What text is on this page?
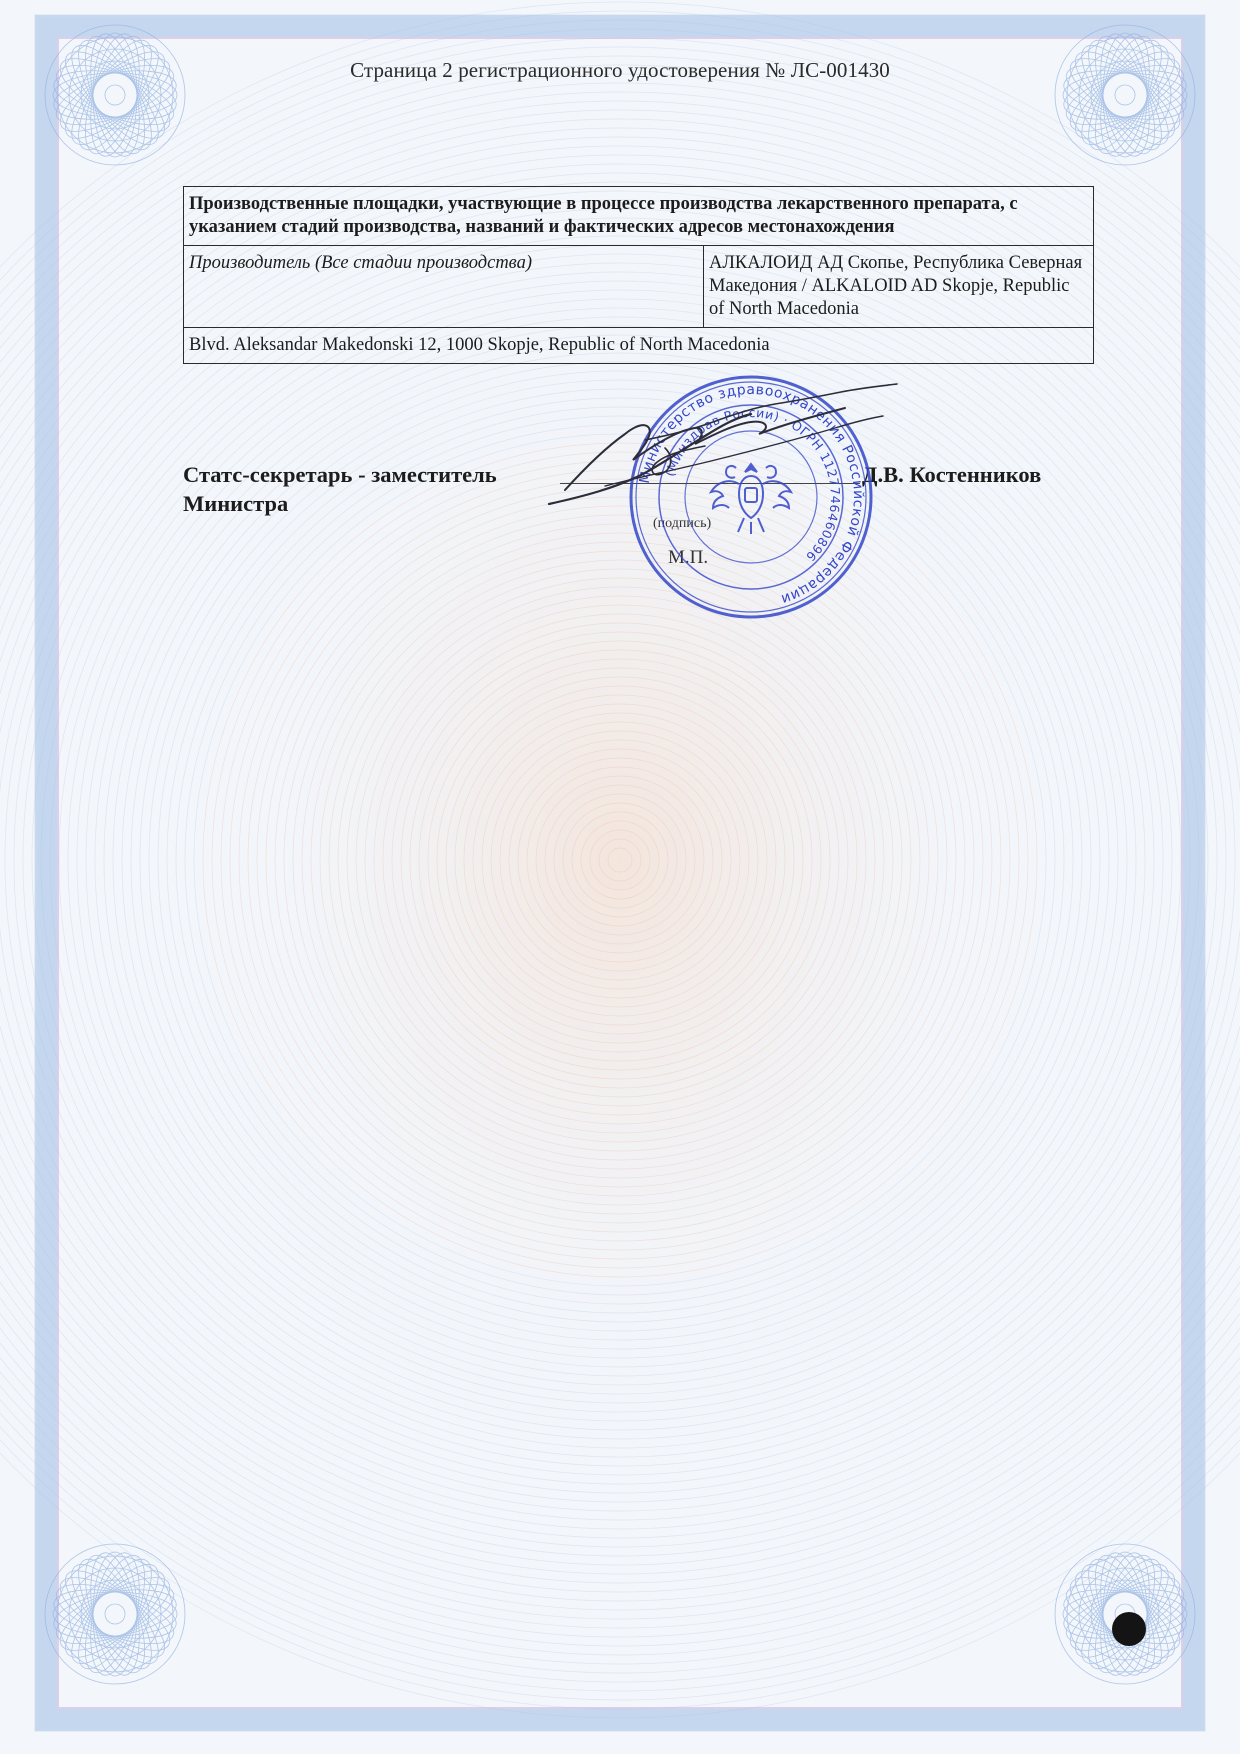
Страница 2 регистрационного удостоверения № ЛС-001430
Производственные площадки, участвующие в процессе производства лекарственного препарата, с указанием стадий производства, названий и фактических адресов местонахождения
Производитель (Все стадии производства)	АЛКАЛОИД АД Скопье, Республика Северная Македония / ALKALOID AD Skopje, Republic of North Macedonia
Blvd. Aleksandar Makedonski 12, 1000 Skopje, Republic of North Macedonia
Статс-секретарь - заместитель Министра
Д.В. Костенников
(подпись)
М.П.
Министерство здравоохранения Российской Федерации
(Минздрав России) · ОГРН 1127746460896
